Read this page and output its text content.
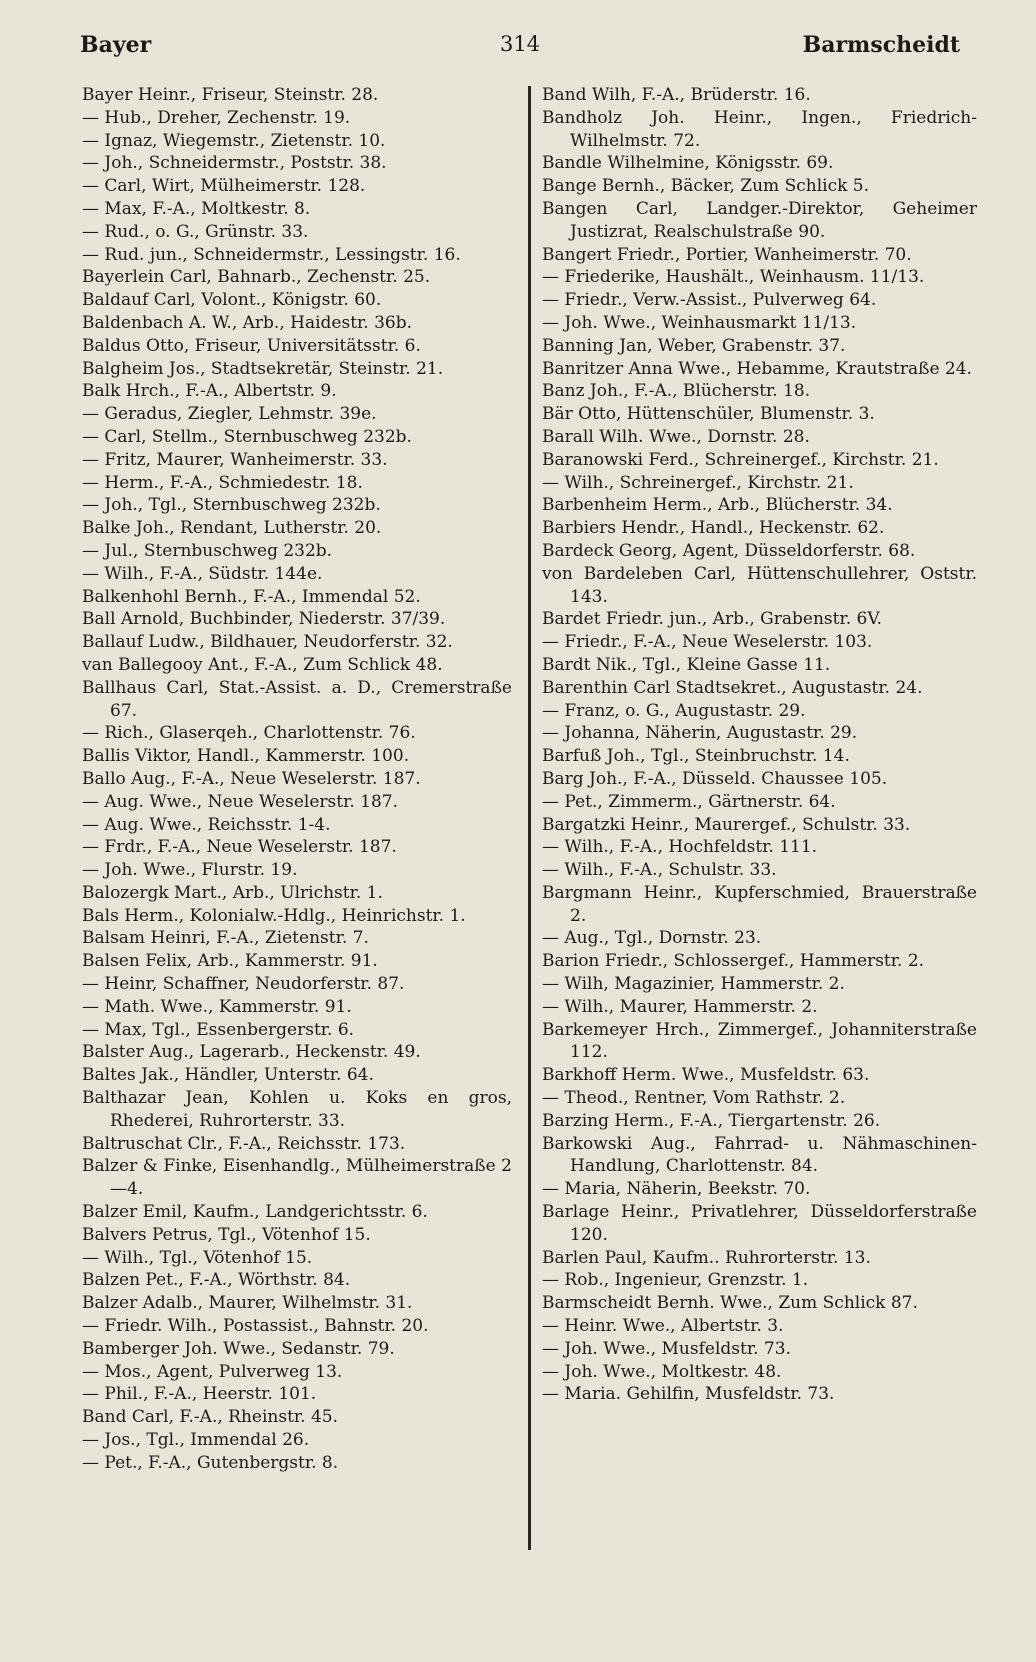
Bayer	314	Barmscheidt
Bayer Heinr., Friseur, Steinstr. 28.
— Hub., Dreher, Zechenstr. 19.
— Ignaz, Wiegemstr., Zietenstr. 10.
— Joh., Schneidermstr., Poststr. 38.
— Carl, Wirt, Mülheimerstr. 128.
— Max, F.-A., Moltkestr. 8.
— Rud., o. G., Grünstr. 33.
— Rud. jun., Schneidermstr., Lessingstr. 16.
Bayerlein Carl, Bahnarb., Zechenstr. 25.
Baldauf Carl, Volont., Königstr. 60.
Baldenbach A. W., Arb., Haidestr. 36b.
Baldus Otto, Friseur, Universitätsstr. 6.
Balgheim Jos., Stadtsekretär, Steinstr. 21.
Balk Hrch., F.-A., Albertstr. 9.
— Geradus, Ziegler, Lehmstr. 39e.
— Carl, Stellm., Sternbuschweg 232b.
— Fritz, Maurer, Wanheimerstr. 33.
— Herm., F.-A., Schmiedestr. 18.
— Joh., Tgl., Sternbuschweg 232b.
Balke Joh., Rendant, Lutherstr. 20.
— Jul., Sternbuschweg 232b.
— Wilh., F.-A., Südstr. 144e.
Balkenhohl Bernh., F.-A., Immendal 52.
Ball Arnold, Buchbinder, Niederstr. 37/39.
Ballauf Ludw., Bildhauer, Neudorferstr. 32.
van Ballegooy Ant., F.-A., Zum Schlick 48.
Ballhaus Carl, Stat.-Assist. a. D., Cremerstraße 67.
— Rich., Glaserqeh., Charlottenstr. 76.
Ballis Viktor, Handl., Kammerstr. 100.
Ballo Aug., F.-A., Neue Weselerstr. 187.
— Aug. Wwe., Neue Weselerstr. 187.
— Aug. Wwe., Reichsstr. 1-4.
— Frdr., F.-A., Neue Weselerstr. 187.
— Joh. Wwe., Flurstr. 19.
Balozergk Mart., Arb., Ulrichstr. 1.
Bals Herm., Kolonialw.-Hdlg., Heinrichstr. 1.
Balsam Heinri, F.-A., Zietenstr. 7.
Balsen Felix, Arb., Kammerstr. 91.
— Heinr, Schaffner, Neudorferstr. 87.
— Math. Wwe., Kammerstr. 91.
— Max, Tgl., Essenbergerstr. 6.
Balster Aug., Lagerarb., Heckenstr. 49.
Baltes Jak., Händler, Unterstr. 64.
Balthazar Jean, Kohlen u. Koks en gros, Rhederei, Ruhrorterstr. 33.
Baltruschat Clr., F.-A., Reichsstr. 173.
Balzer & Finke, Eisenhandlg., Mülheimerstraße 2—4.
Balzer Emil, Kaufm., Landgerichtsstr. 6.
Balvers Petrus, Tgl., Vötenhof 15.
— Wilh., Tgl., Vötenhof 15.
Balzen Pet., F.-A., Wörthstr. 84.
Balzer Adalb., Maurer, Wilhelmstr. 31.
— Friedr. Wilh., Postassist., Bahnstr. 20.
Bamberger Joh. Wwe., Sedanstr. 79.
— Mos., Agent, Pulverweg 13.
— Phil., F.-A., Heerstr. 101.
Band Carl, F.-A., Rheinstr. 45.
— Jos., Tgl., Immendal 26.
— Pet., F.-A., Gutenbergstr. 8.
Band Wilh, F.-A., Brüderstr. 16.
Bandholz Joh. Heinr., Ingen., Friedrich-Wilhelmstr. 72.
Bandle Wilhelmine, Königsstr. 69.
Bange Bernh., Bäcker, Zum Schlick 5.
Bangen Carl, Landger.-Direktor, Geheimer Justizrat, Realschulstraße 90.
Bangert Friedr., Portier, Wanheimerstr. 70.
— Friederike, Haushält., Weinhausm. 11/13.
— Friedr., Verw.-Assist., Pulverweg 64.
— Joh. Wwe., Weinhausmarkt 11/13.
Banning Jan, Weber, Grabenstr. 37.
Banritzer Anna Wwe., Hebamme, Krautstraße 24.
Banz Joh., F.-A., Blücherstr. 18.
Bär Otto, Hüttenschüler, Blumenstr. 3.
Barall Wilh. Wwe., Dornstr. 28.
Baranowski Ferd., Schreinergef., Kirchstr. 21.
— Wilh., Schreinergef., Kirchstr. 21.
Barbenheim Herm., Arb., Blücherstr. 34.
Barbiers Hendr., Handl., Heckenstr. 62.
Bardeck Georg, Agent, Düsseldorferstr. 68.
von Bardeleben Carl, Hüttenschullehrer, Oststr. 143.
Bardet Friedr. jun., Arb., Grabenstr. 6V.
— Friedr., F.-A., Neue Weselerstr. 103.
Bardt Nik., Tgl., Kleine Gasse 11.
Barenthin Carl Stadtsekret., Augustastr. 24.
— Franz, o. G., Augustastr. 29.
— Johanna, Näherin, Augustastr. 29.
Barfuß Joh., Tgl., Steinbruchstr. 14.
Barg Joh., F.-A., Düsseld. Chaussee 105.
— Pet., Zimmerm., Gärtnerstr. 64.
Bargatzki Heinr., Maurergef., Schulstr. 33.
— Wilh., F.-A., Hochfeldstr. 111.
— Wilh., F.-A., Schulstr. 33.
Bargmann Heinr., Kupferschmied, Brauerstraße 2.
— Aug., Tgl., Dornstr. 23.
Barion Friedr., Schlossergef., Hammerstr. 2.
— Wilh, Magazinier, Hammerstr. 2.
— Wilh., Maurer, Hammerstr. 2.
Barkemeyer Hrch., Zimmergef., Johanniterstraße 112.
Barkhoff Herm. Wwe., Musfeldstr. 63.
— Theod., Rentner, Vom Rathstr. 2.
Barzing Herm., F.-A., Tiergartenstr. 26.
Barkowski Aug., Fahrrad- u. Nähmaschinen-Handlung, Charlottenstr. 84.
— Maria, Näherin, Beekstr. 70.
Barlage Heinr., Privatlehrer, Düsseldorferstraße 120.
Barlen Paul, Kaufm.. Ruhrorterstr. 13.
— Rob., Ingenieur, Grenzstr. 1.
Barmscheidt Bernh. Wwe., Zum Schlick 87.
— Heinr. Wwe., Albertstr. 3.
— Joh. Wwe., Musfeldstr. 73.
— Joh. Wwe., Moltkestr. 48.
— Maria. Gehilfin, Musfeldstr. 73.
